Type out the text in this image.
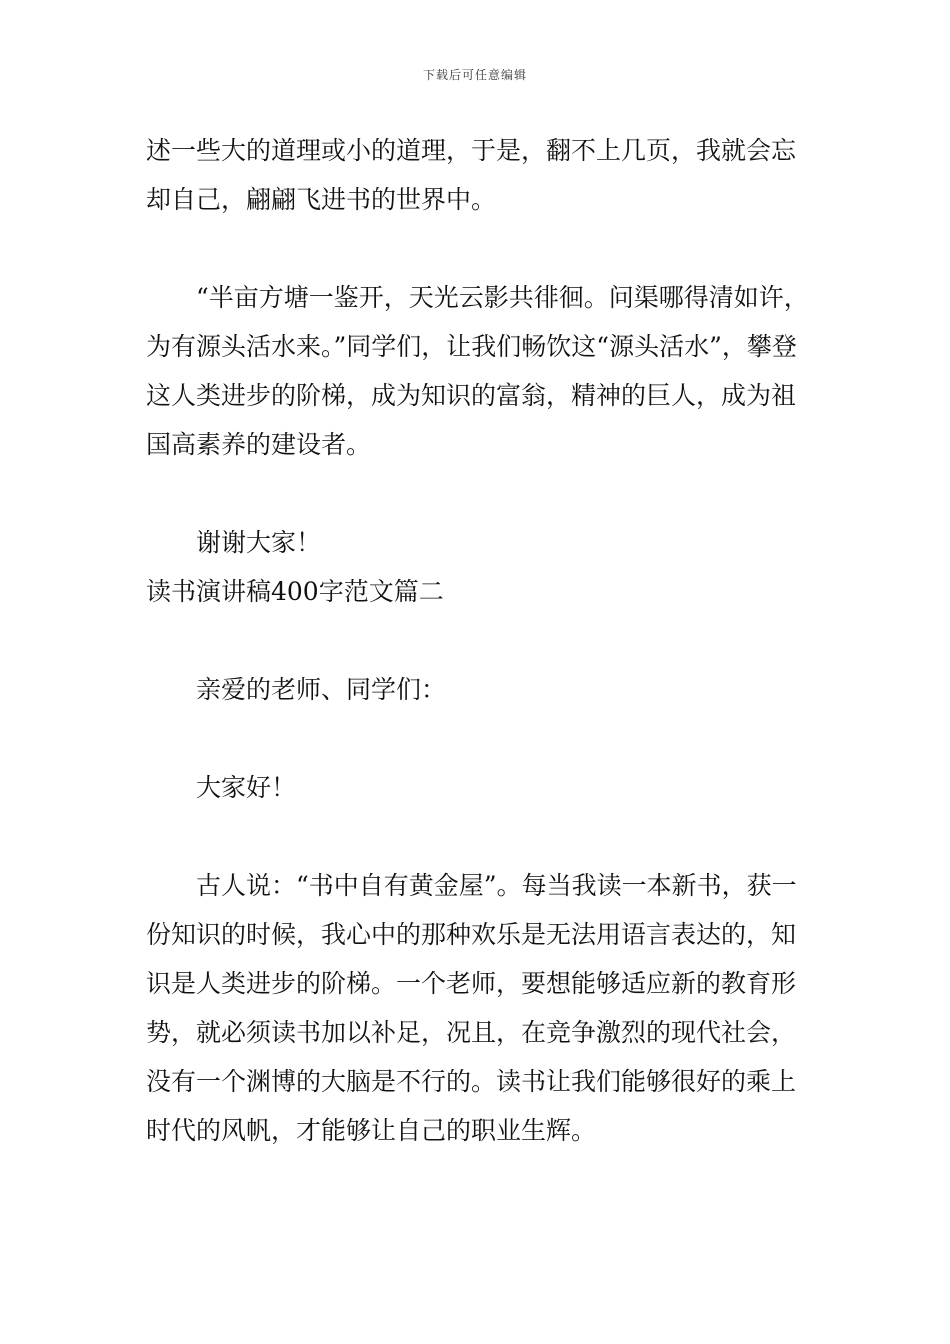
下载后可任意编辑

述一些大的道理或小的道理，于是，翻不上几页，我就会忘却自己，翩翩飞进书的世界中。

“半亩方塘一鉴开，天光云影共徘徊。问渠哪得清如许，为有源头活水来。”同学们，让我们畅饮这“源头活水”，攀登这人类进步的阶梯，成为知识的富翁，精神的巨人，成为祖国高素养的建设者。

谢谢大家！

读书演讲稿400字范文篇二

亲爱的老师、同学们：

大家好！

古人说：“书中自有黄金屋”。每当我读一本新书，获一份知识的时候，我心中的那种欢乐是无法用语言表达的，知识是人类进步的阶梯。一个老师，要想能够适应新的教育形势，就必须读书加以补足，况且，在竞争激烈的现代社会，没有一个渊博的大脑是不行的。读书让我们能够很好的乘上时代的风帆，才能够让自己的职业生辉。
